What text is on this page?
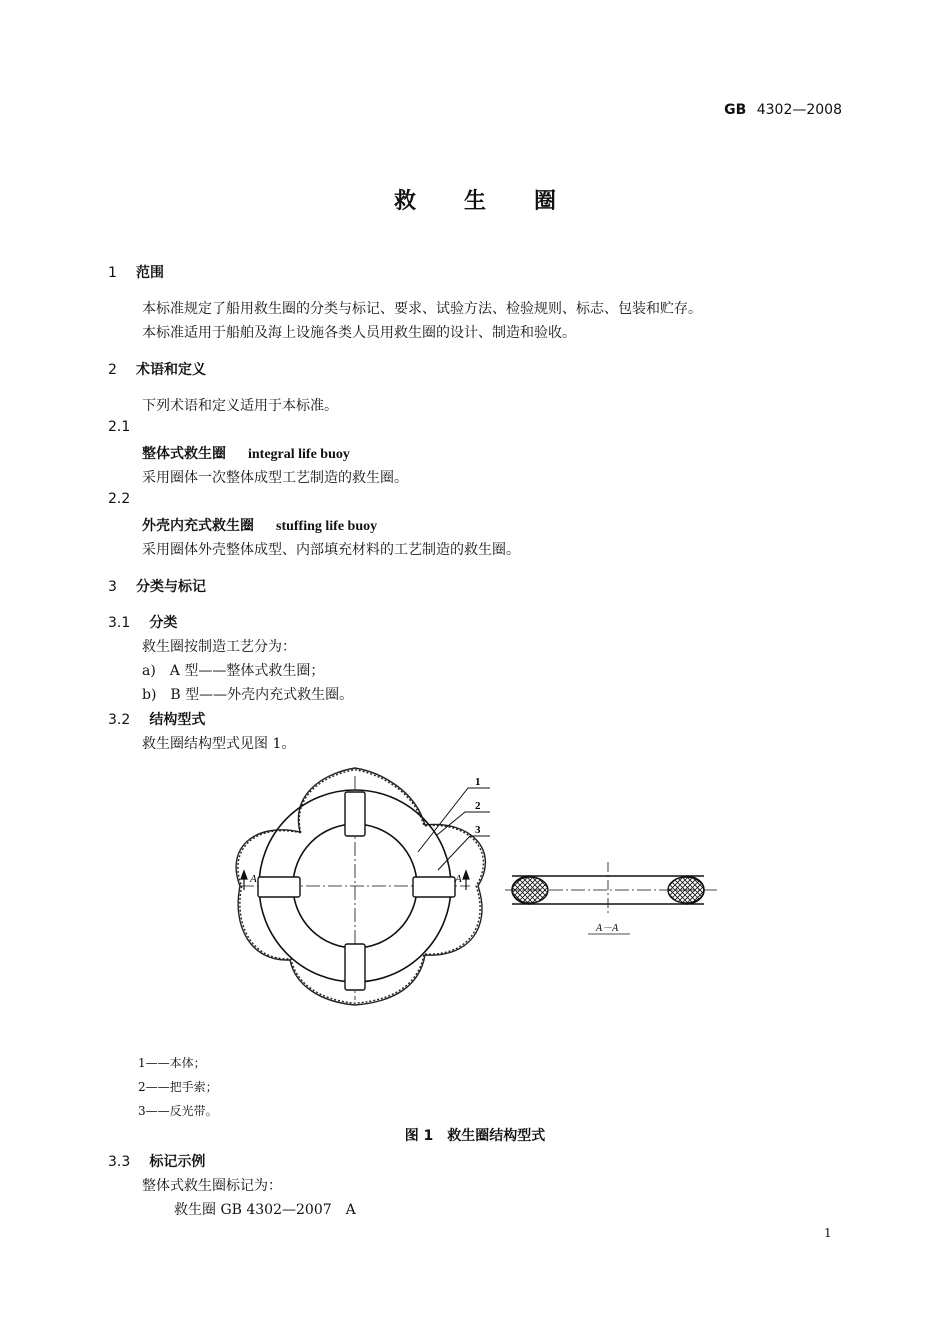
GB 4302—2008
救生圈
1 范围
本标准规定了船用救生圈的分类与标记、要求、试验方法、检验规则、标志、包装和贮存。
本标准适用于船舶及海上设施各类人员用救生圈的设计、制造和验收。
2 术语和定义
下列术语和定义适用于本标准。
2.1
整体式救生圈 integral life buoy
采用圈体一次整体成型工艺制造的救生圈。
2.2
外壳内充式救生圈 stuffing life buoy
采用圈体外壳整体成型、内部填充材料的工艺制造的救生圈。
3 分类与标记
3.1 分类
救生圈按制造工艺分为：
a)　A 型——整体式救生圈；
b)　B 型——外壳内充式救生圈。
3.2 结构型式
救生圈结构型式见图 1。
A	A
1
2
3
A－A
1——本体；
2——把手索；
3——反光带。
图 1　救生圈结构型式
3.3 标记示例
整体式救生圈标记为：
救生圈 GB 4302—2007　A
1
